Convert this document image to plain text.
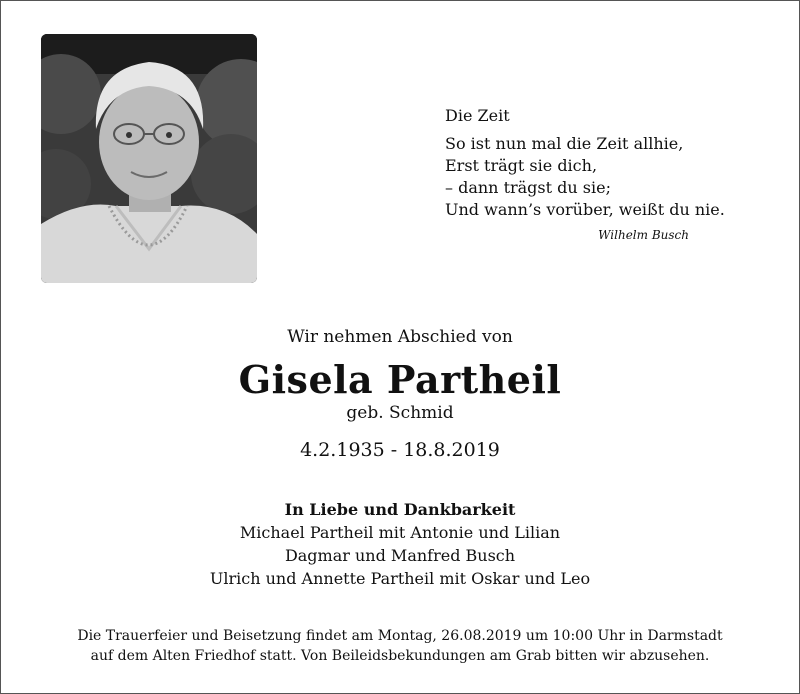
Die Zeit
So ist nun mal die Zeit allhie,
Erst trägt sie dich,
– dann trägst du sie;
Und wann’s vorüber, weißt du nie.
Wilhelm Busch
Wir nehmen Abschied von
Gisela Partheil
geb. Schmid
4.2.1935 - 18.8.2019
In Liebe und Dankbarkeit
Michael Partheil mit Antonie und Lilian
Dagmar und Manfred Busch
Ulrich und Annette Partheil mit Oskar und Leo
Die Trauerfeier und Beisetzung findet am Montag, 26.08.2019 um 10:00 Uhr in Darmstadt
auf dem Alten Friedhof statt. Von Beileidsbekundungen am Grab bitten wir abzusehen.
